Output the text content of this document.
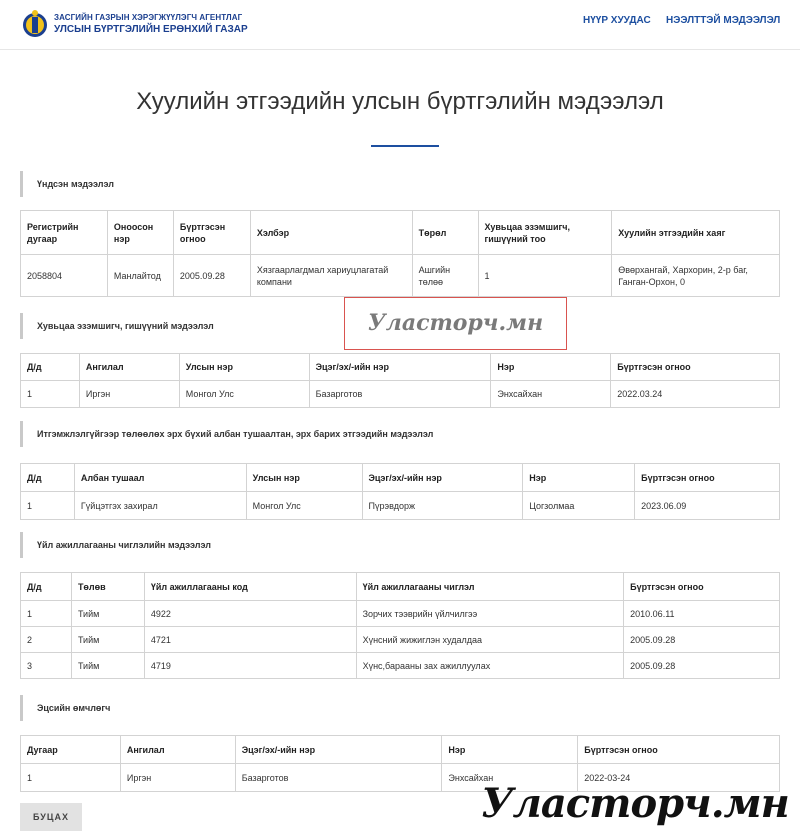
ЗАСГИЙН ГАЗРЫН ХЭРЭГЖҮҮЛЭГЧ АГЕНТЛАГ
УЛСЫН БҮРТГЭЛИЙН ЕРӨНХИЙ ГАЗАР
НҮҮР ХУУДАС НЭЭЛТТЭЙ МЭДЭЭЛЭЛ
Хуулийн этгээдийн улсын бүртгэлийн мэдээлэл
Үндсэн мэдээлэл
Регистрийн дугаар	Оноосон нэр	Бүртгэсэн огноо	Хэлбэр	Төрөл	Хувьцаа эзэмшигч, гишүүний тоо	Хуулийн этгээдийн хаяг
2058804	Манлайтод	2005.09.28	Хязгаарлагдмал хариуцлагатай компани	Ашгийн төлөө	1	Өвөрхангай, Хархорин, 2-р баг, Ганган-Орхон, 0
Хувьцаа эзэмшигч, гишүүний мэдээлэл
Д/д	Ангилал	Улсын нэр	Эцэг/эх/-ийн нэр	Нэр	Бүртгэсэн огноо
1	Иргэн	Монгол Улс	Базарготов	Энхсайхан	2022.03.24
Итгэмжлэлгүйгээр төлөөлөх эрх бүхий албан тушаалтан, эрх барих этгээдийн мэдээлэл
Д/д	Албан тушаал	Улсын нэр	Эцэг/эх/-ийн нэр	Нэр	Бүртгэсэн огноо
1	Гүйцэтгэх захирал	Монгол Улс	Пүрэвдорж	Цогзолмаа	2023.06.09
Үйл ажиллагааны чиглэлийн мэдээлэл
Д/д	Төлөв	Үйл ажиллагааны код	Үйл ажиллагааны чиглэл	Бүртгэсэн огноо
1	Тийм	4922	Зорчих тээврийн үйлчилгээ	2010.06.11
2	Тийм	4721	Хүнсний жижиглэн худалдаа	2005.09.28
3	Тийм	4719	Хүнс,барааны зах ажиллуулах	2005.09.28
Эцсийн өмчлөгч
Дугаар	Ангилал	Эцэг/эх/-ийн нэр	Нэр	Бүртгэсэн огноо
1	Иргэн	Базарготов	Энхсайхан	2022-03-24
БУЦАХ
Уласторч.мн
Уласторч.мн
